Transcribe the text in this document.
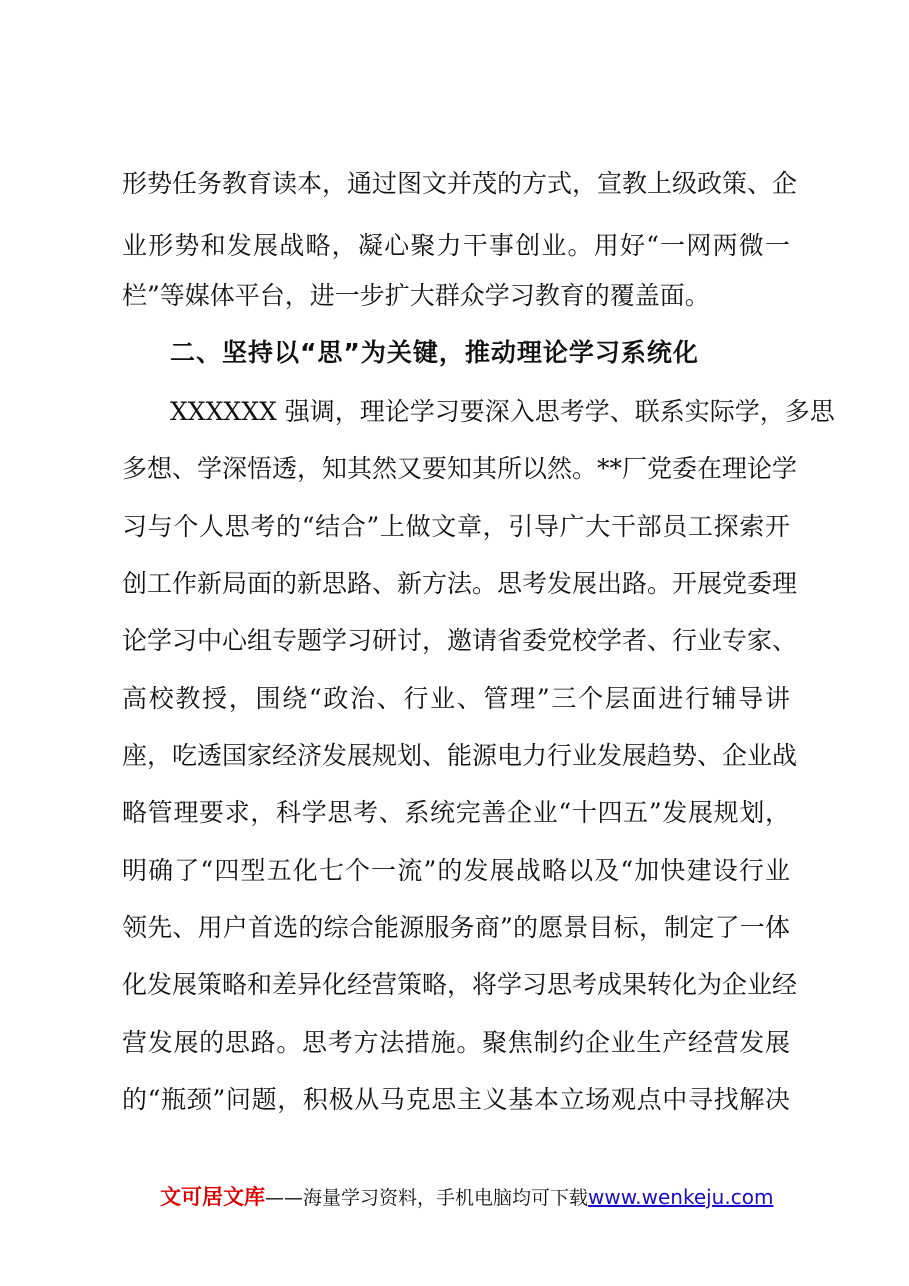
形势任务教育读本，通过图文并茂的方式，宣教上级政策、企
业形势和发展战略，凝心聚力干事创业。用好“一网两微一
栏”等媒体平台，进一步扩大群众学习教育的覆盖面。
二、坚持以“思”为关键，推动理论学习系统化
XXXXXX 强调，理论学习要深入思考学、联系实际学，多思
多想、学深悟透，知其然又要知其所以然。**厂党委在理论学
习与个人思考的“结合”上做文章，引导广大干部员工探索开
创工作新局面的新思路、新方法。思考发展出路。开展党委理
论学习中心组专题学习研讨，邀请省委党校学者、行业专家、
高校教授，围绕“政治、行业、管理”三个层面进行辅导讲
座，吃透国家经济发展规划、能源电力行业发展趋势、企业战
略管理要求，科学思考、系统完善企业“十四五”发展规划，
明确了“四型五化七个一流”的发展战略以及“加快建设行业
领先、用户首选的综合能源服务商”的愿景目标，制定了一体
化发展策略和差异化经营策略，将学习思考成果转化为企业经
营发展的思路。思考方法措施。聚焦制约企业生产经营发展
的“瓶颈”问题，积极从马克思主义基本立场观点中寻找解决
文可居文库——海量学习资料，手机电脑均可下载www.wenkeju.com
